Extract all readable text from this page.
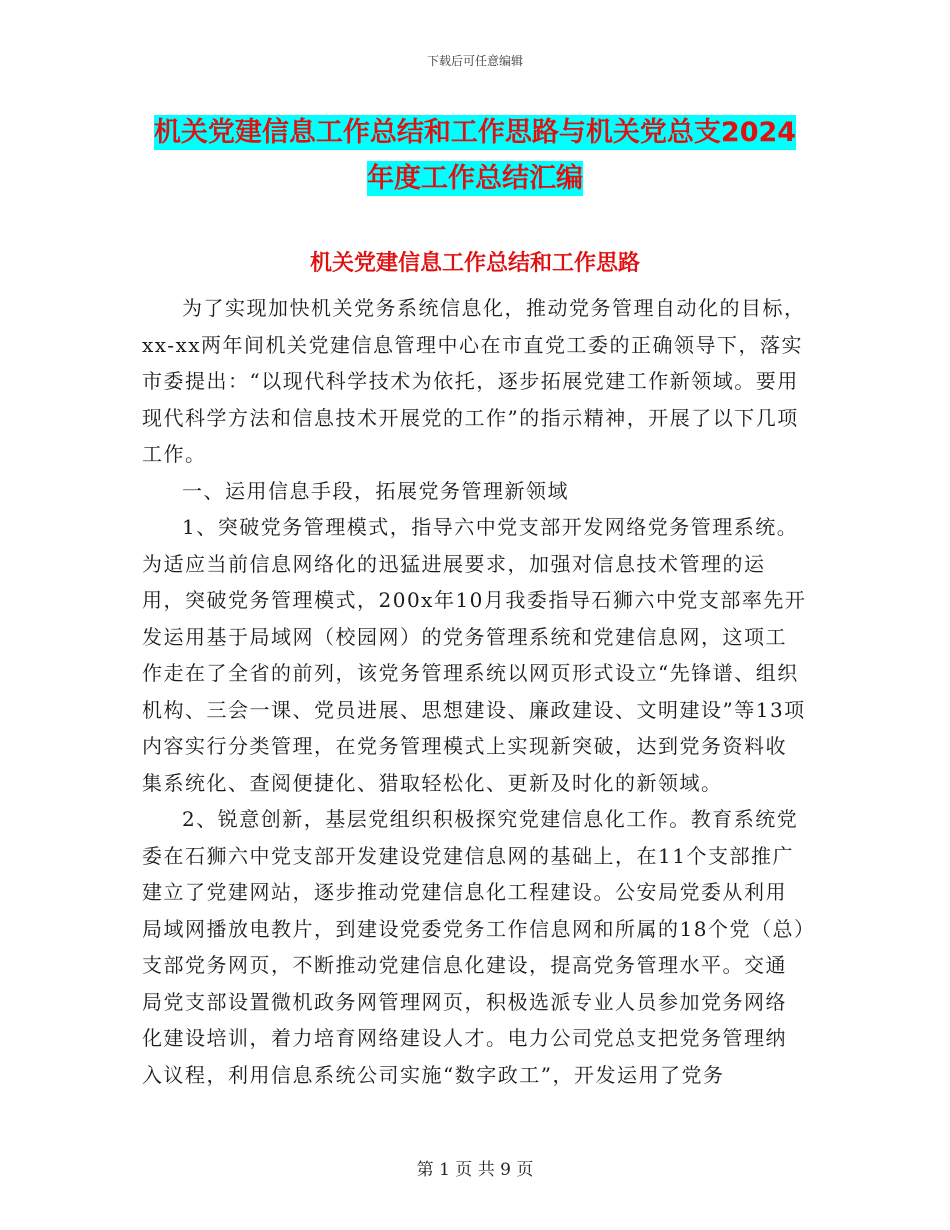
下载后可任意编辑
机关党建信息工作总结和工作思路与机关党总支2024
年度工作总结汇编
机关党建信息工作总结和工作思路

为了实现加快机关党务系统信息化，推动党务管理自动化的目标，xx-xx两年间机关党建信息管理中心在市直党工委的正确领导下，落实市委提出：“以现代科学技术为依托，逐步拓展党建工作新领域。要用现代科学方法和信息技术开展党的工作”的指示精神，开展了以下几项工作。

一、运用信息手段，拓展党务管理新领域

1、突破党务管理模式，指导六中党支部开发网络党务管理系统。为适应当前信息网络化的迅猛进展要求，加强对信息技术管理的运用，突破党务管理模式，200x年10月我委指导石狮六中党支部率先开发运用基于局域网（校园网）的党务管理系统和党建信息网，这项工作走在了全省的前列，该党务管理系统以网页形式设立“先锋谱、组织机构、三会一课、党员进展、思想建设、廉政建设、文明建设”等13项内容实行分类管理，在党务管理模式上实现新突破，达到党务资料收集系统化、查阅便捷化、猎取轻松化、更新及时化的新领域。

2、锐意创新，基层党组织积极探究党建信息化工作。教育系统党委在石狮六中党支部开发建设党建信息网的基础上，在11个支部推广建立了党建网站，逐步推动党建信息化工程建设。公安局党委从利用局域网播放电教片，到建设党委党务工作信息网和所属的18个党（总）支部党务网页，不断推动党建信息化建设，提高党务管理水平。交通局党支部设置微机政务网管理网页，积极选派专业人员参加党务网络化建设培训，着力培育网络建设人才。电力公司党总支把党务管理纳入议程，利用信息系统公司实施“数字政工”，开发运用了党务

第 1 页 共 9 页
